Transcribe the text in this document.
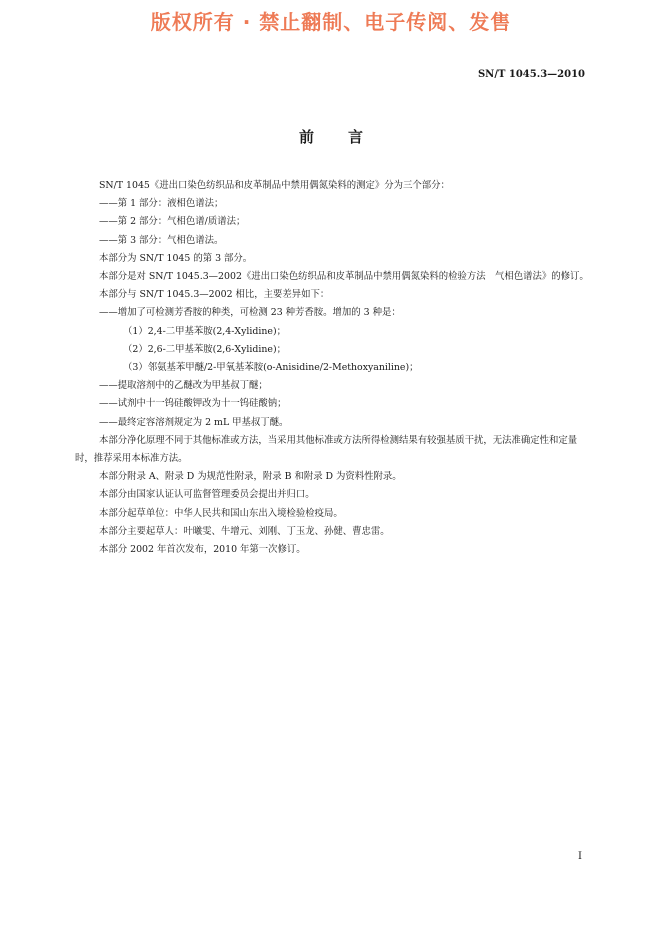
版权所有 · 禁止翻制、电子传阅、发售
SN/T 1045.3—2010
前言

SN/T 1045《进出口染色纺织品和皮革制品中禁用偶氮染料的测定》分为三个部分：

——第 1 部分：液相色谱法；

——第 2 部分：气相色谱/质谱法；

——第 3 部分：气相色谱法。

本部分为 SN/T 1045 的第 3 部分。

本部分是对 SN/T 1045.3—2002《进出口染色纺织品和皮革制品中禁用偶氮染料的检验方法　气相色谱法》的修订。

本部分与 SN/T 1045.3—2002 相比，主要差异如下：

——增加了可检测芳香胺的种类，可检测 23 种芳香胺。增加的 3 种是：

（1）2,4-二甲基苯胺(2,4-Xylidine)；

（2）2,6-二甲基苯胺(2,6-Xylidine)；

（3）邻氨基苯甲醚/2-甲氧基苯胺(o-Anisidine/2-Methoxyaniline)；

——提取溶剂中的乙醚改为甲基叔丁醚；

——试剂中十一钨硅酸钾改为十一钨硅酸钠；

——最终定容溶剂规定为 2 mL 甲基叔丁醚。

本部分净化原理不同于其他标准或方法，当采用其他标准或方法所得检测结果有较强基质干扰，无法准确定性和定量时，推荐采用本标准方法。

本部分附录 A、附录 D 为规范性附录，附录 B 和附录 D 为资料性附录。

本部分由国家认证认可监督管理委员会提出并归口。

本部分起草单位：中华人民共和国山东出入境检验检疫局。

本部分主要起草人：叶曦雯、牛增元、刘刚、丁玉龙、孙健、曹忠雷。

本部分 2002 年首次发布，2010 年第一次修订。

I
